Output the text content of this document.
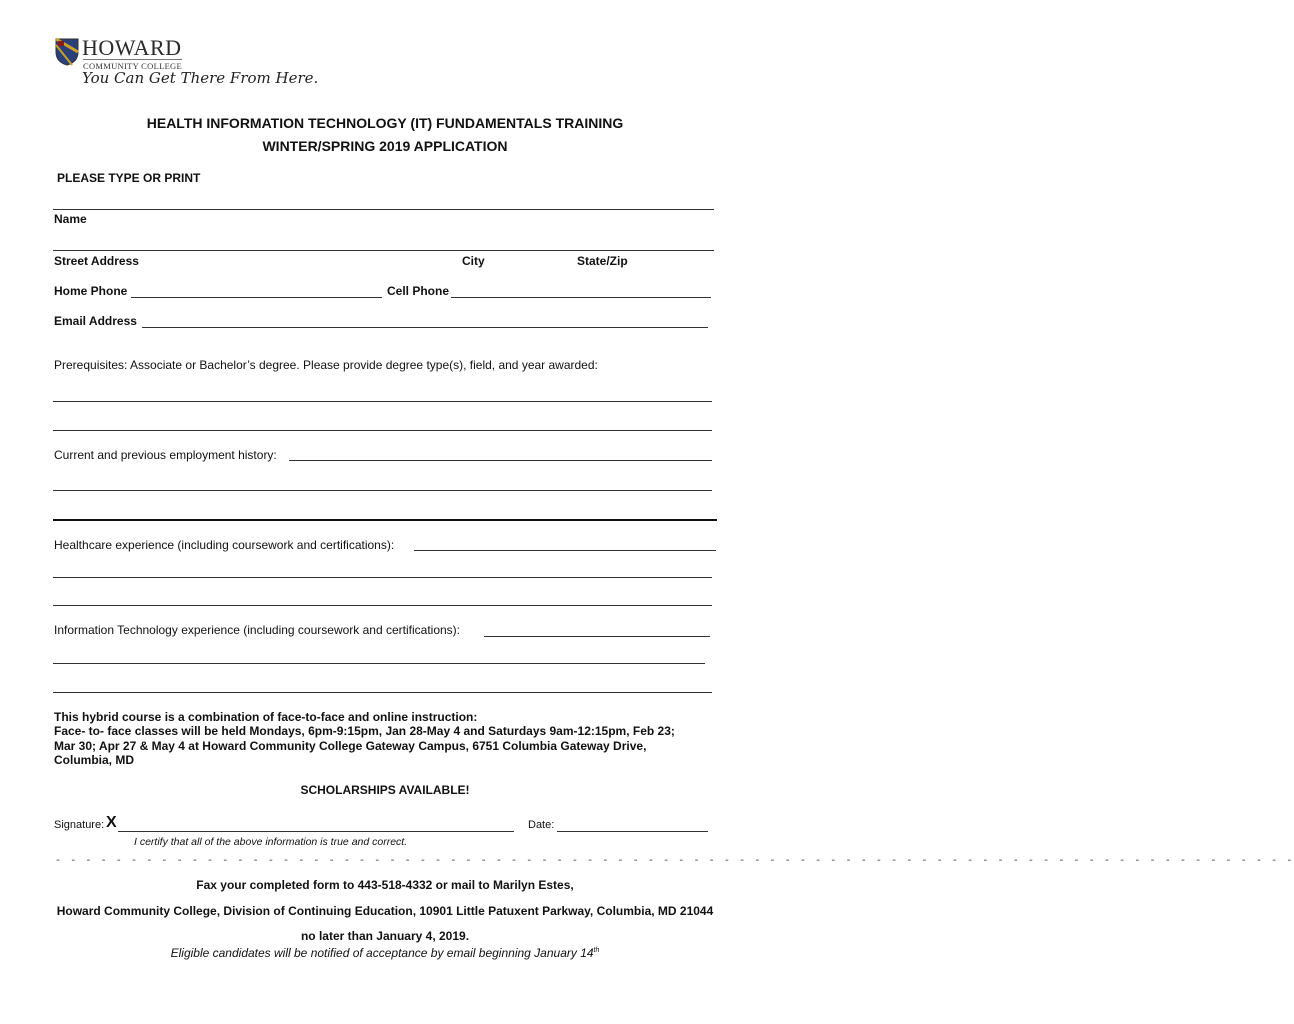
HOWARD
COMMUNITY COLLEGE
You Can Get There From Here.
HEALTH INFORMATION TECHNOLOGY (IT) FUNDAMENTALS TRAINING
WINTER/SPRING 2019 APPLICATION
PLEASE TYPE OR PRINT
Name
Street Address	City	State/Zip
Home Phone	Cell Phone
Email Address
Prerequisites: Associate or Bachelor’s degree. Please provide degree type(s), field, and year awarded:
Current and previous employment history:
Healthcare experience (including coursework and certifications):
Information Technology experience (including coursework and certifications):
This hybrid course is a combination of face-to-face and online instruction:
Face- to- face classes will be held Mondays, 6pm-9:15pm, Jan 28-May 4 and Saturdays 9am-12:15pm, Feb 23;
Mar 30; Apr 27 & May 4 at Howard Community College Gateway Campus, 6751 Columbia Gateway Drive,
Columbia, MD
SCHOLARSHIPS AVAILABLE!
Signature: X	Date:
I certify that all of the above information is true and correct.
- - - - - - - - - - - - - - - - - - - - - - - - - - - - - - - - - - - - - - - - - - - - - - - - - - - - - - - - - - - - - - - - - - - - - - - - - - - - - - - - - -
Fax your completed form to 443-518-4332 or mail to Marilyn Estes,
Howard Community College, Division of Continuing Education, 10901 Little Patuxent Parkway, Columbia, MD 21044
no later than January 4, 2019.
Eligible candidates will be notified of acceptance by email beginning January 14th
